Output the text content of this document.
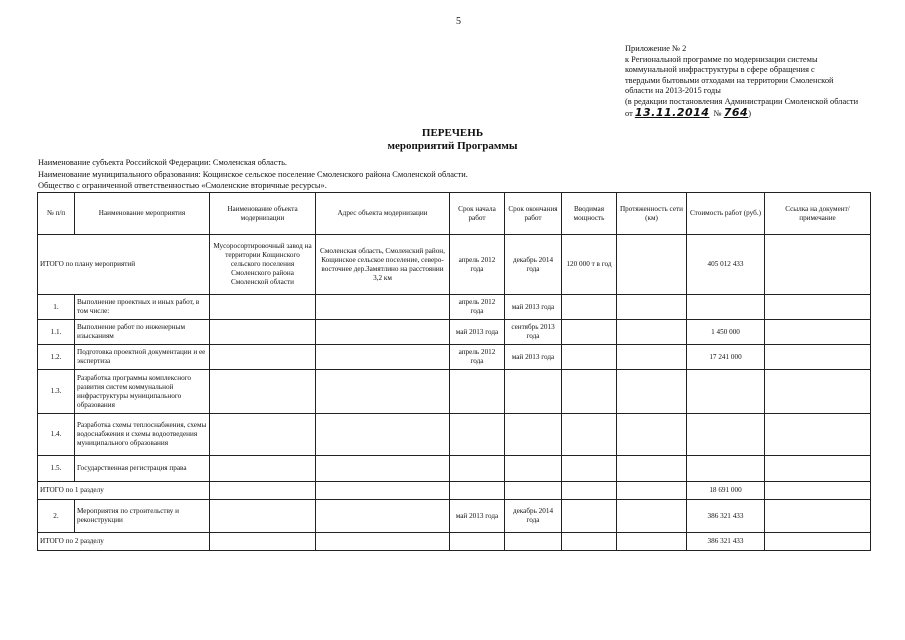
5
Приложение № 2
к Региональной программе по модернизации системы
коммунальной инфраструктуры в сфере обращения с
твердыми бытовыми отходами на территории Смоленской
области на 2013-2015 годы
(в редакции постановления Администрации Смоленской области
от 13.11.2014 № 764)
ПЕРЕЧЕНЬ
мероприятий Программы
Наименование субъекта Российской Федерации: Смоленская область.
Наименование муниципального образования: Кощинское сельское поселение Смоленского района Смоленской области.
Общество с ограниченной ответственностью «Смоленские вторичные ресурсы».
№ п/п	Наименование мероприятия	Наименование объекта модернизации	Адрес объекта модернизации	Срок начала работ	Срок окончания работ	Вводимая мощность	Протяженность сети (км)	Стоимость работ (руб.)	Ссылка на документ/примечание
ИТОГО по плану мероприятий		Мусоросортировочный завод на территории Кощинского сельского поселения Смоленского района Смоленской области	Смоленская область, Смоленский район, Кощинское сельское поселение, северо-восточнее дер.Замятлино на расстоянии 3,2 км	апрель 2012 года	декабрь 2014 года	120 000 т в год		405 012 433	
1.	Выполнение проектных и иных работ, в том числе:			апрель 2012 года	май 2013 года				
1.1.	Выполнение работ по инженерным изысканиям			май 2013 года	сентябрь 2013 года			1 450 000	
1.2.	Подготовка проектной документации и ее экспертиза			апрель 2012 года	май 2013 года			17 241 000	
1.3.	Разработка программы комплексного развития систем коммунальной инфраструктуры муниципального образования								
1.4.	Разработка схемы теплоснабжения, схемы водоснабжения и схемы водоотведения муниципального образования								
1.5.	Государственная регистрация права								
ИТОГО по 1 разделу								18 691 000	
2.	Мероприятия по строительству и реконструкции			май 2013 года	декабрь 2014 года			386 321 433	
ИТОГО по 2 разделу								386 321 433	
